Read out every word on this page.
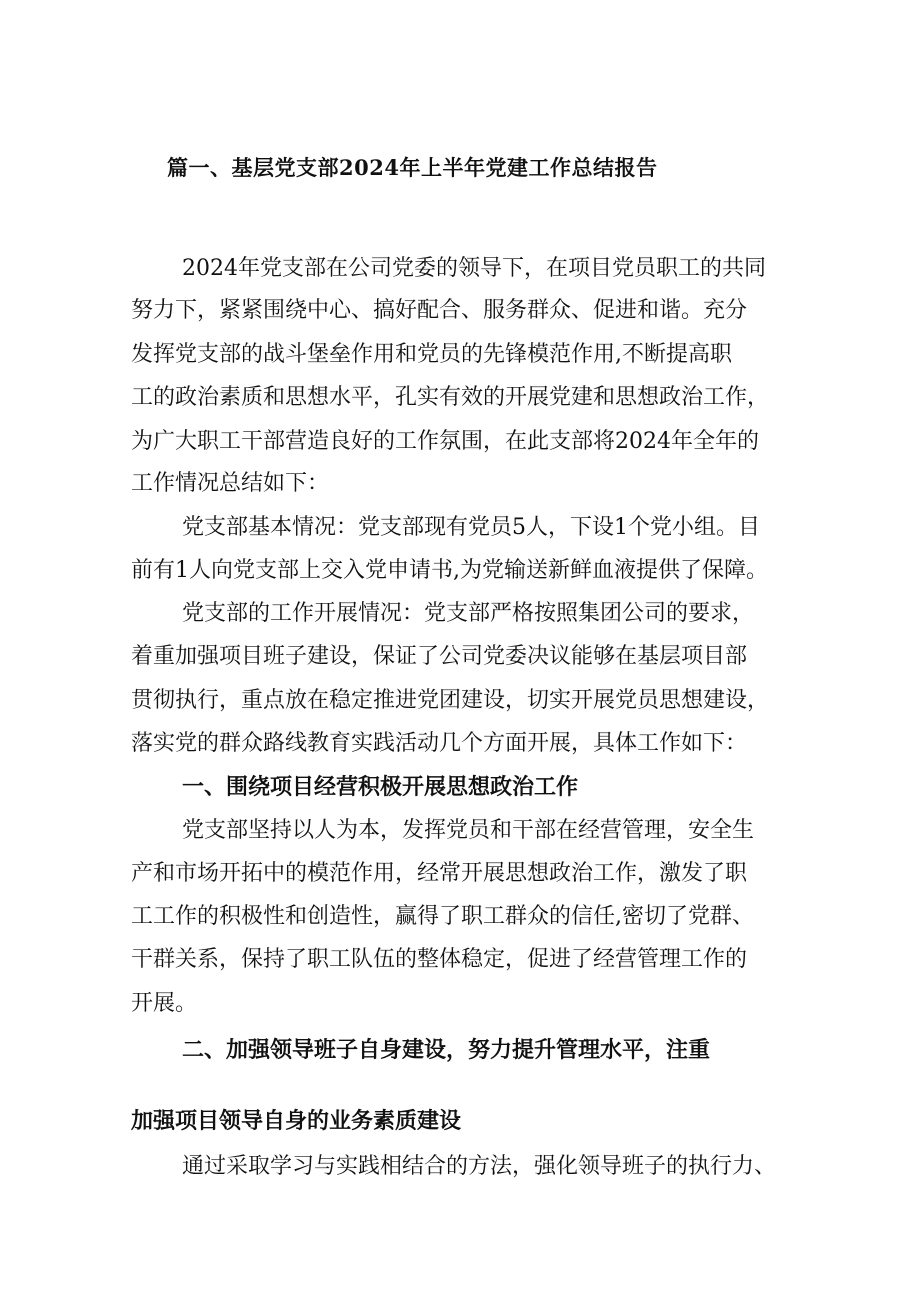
篇一、基层党支部2024年上半年党建工作总结报告
2024年党支部在公司党委的领导下，在项目党员职工的共同
努力下，紧紧围绕中心、搞好配合、服务群众、促进和谐。充分
发挥党支部的战斗堡垒作用和党员的先锋模范作用,不断提高职
工的政治素质和思想水平，孔实有效的开展党建和思想政治工作，
为广大职工干部营造良好的工作氛围，在此支部将2024年全年的
工作情况总结如下：
党支部基本情况：党支部现有党员5人，下设1个党小组。目
前有1人向党支部上交入党申请书,为党输送新鲜血液提供了保障。
党支部的工作开展情况：党支部严格按照集团公司的要求，
着重加强项目班子建设，保证了公司党委决议能够在基层项目部
贯彻执行，重点放在稳定推进党团建设，切实开展党员思想建设，
落实党的群众路线教育实践活动几个方面开展，具体工作如下：
一、围绕项目经营积极开展思想政治工作
党支部坚持以人为本，发挥党员和干部在经营管理，安全生
产和市场开拓中的模范作用，经常开展思想政治工作，激发了职
工工作的积极性和创造性，赢得了职工群众的信任,密切了党群、
干群关系，保持了职工队伍的整体稳定，促进了经营管理工作的
开展。
二、加强领导班子自身建设，努力提升管理水平，注重
加强项目领导自身的业务素质建设
通过采取学习与实践相结合的方法，强化领导班子的执行力、
